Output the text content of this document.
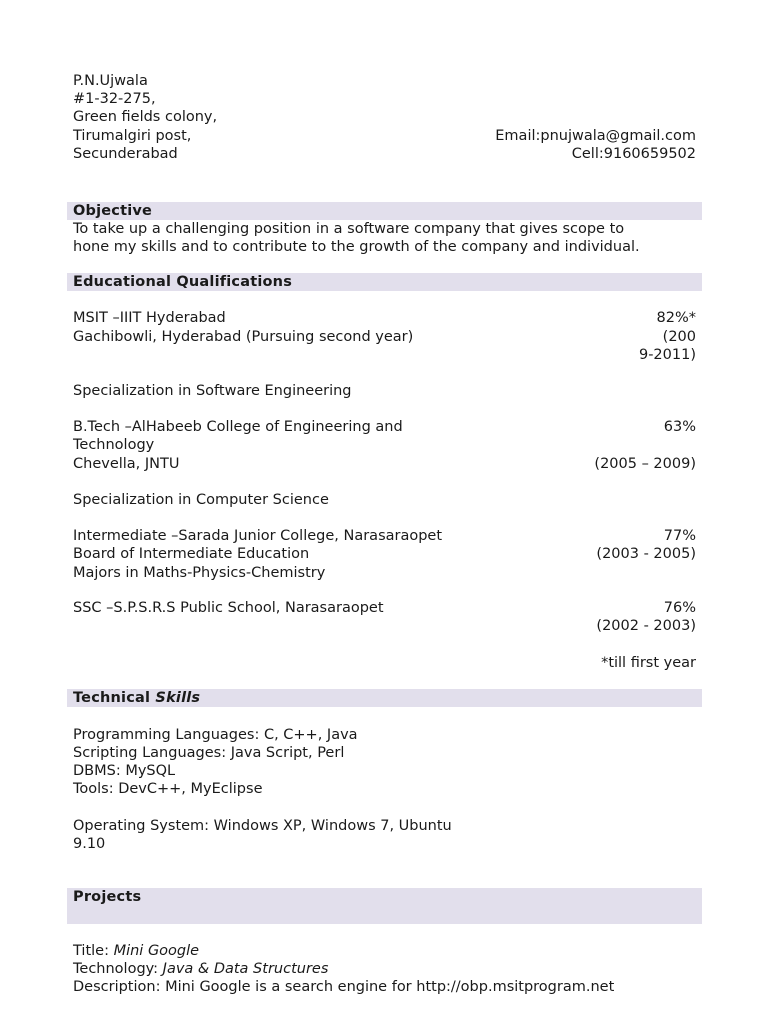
P.N.Ujwala
#1-32-275,
Green fields colony,
Tirumalgiri post,
Secunderabad
Email:pnujwala@gmail.com
Cell:9160659502
Objective
To take up a challenging position in a software company that gives scope to
hone my skills and to contribute to the growth of the company and individual.
Educational Qualifications
MSIT –IIIT Hyderabad
Gachibowli, Hyderabad (Pursuing second year)
82%*
(200
9-2011)
Specialization in Software Engineering
B.Tech –AlHabeeb College of Engineering and
Technology
Chevella, JNTU
63%
(2005 – 2009)
Specialization in Computer Science
Intermediate –Sarada Junior College, Narasaraopet
Board of Intermediate Education
Majors in Maths-Physics-Chemistry
77%
(2003 - 2005)
SSC –S.P.S.R.S Public School, Narasaraopet	76%
(2002 - 2003)
*till first year
Technical Skills
Programming Languages: C, C++, Java
Scripting Languages: Java Script, Perl
DBMS: MySQL
Tools: DevC++, MyEclipse
Operating System: Windows XP, Windows 7, Ubuntu
9.10
Projects
Title: Mini Google
Technology: Java & Data Structures
Description: Mini Google is a search engine for http://obp.msitprogram.net
